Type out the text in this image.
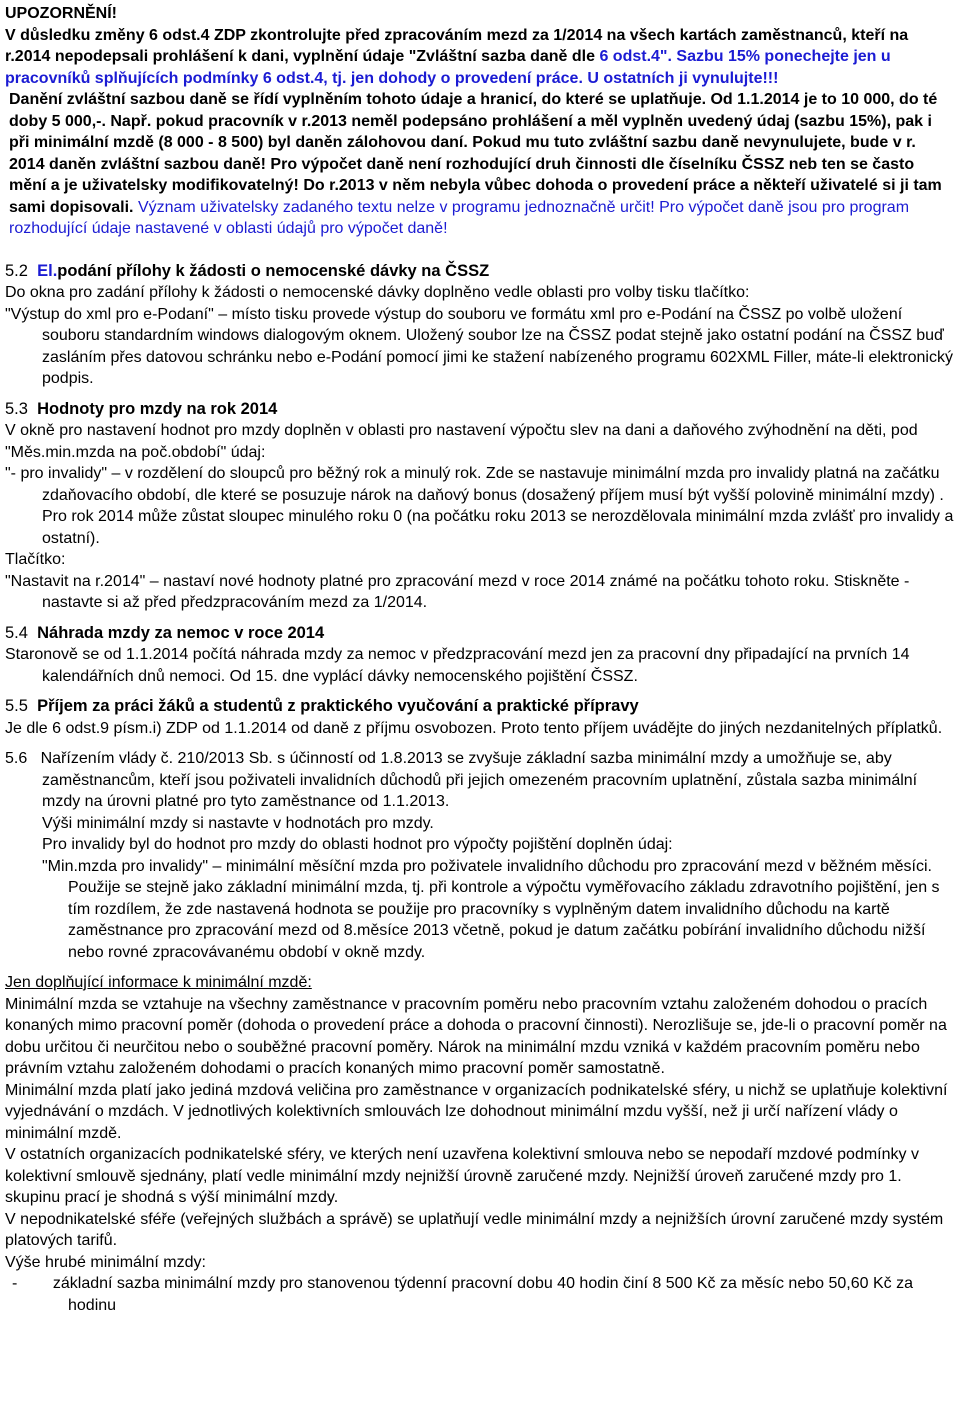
UPOZORNĚNÍ!

V důsledku změny 6 odst.4 ZDP zkontrolujte před zpracováním mezd za 1/2014 na všech kartách zaměstnanců, kteří na r.2014 nepodepsali prohlášení k dani, vyplnění údaje "Zvláštní sazba daně dle 6 odst.4". Sazbu 15% ponechejte jen u pracovníků splňujících podmínky 6 odst.4, tj. jen dohody o provedení práce. U ostatních ji vynulujte!!!

Danění zvláštní sazbou daně se řídí vyplněním tohoto údaje a hranicí, do které se uplatňuje. Od 1.1.2014 je to 10 000, do té doby 5 000,-. Např. pokud pracovník v r.2013 neměl podepsáno prohlášení a měl vyplněn uvedený údaj (sazbu 15%), pak i při minimální mzdě (8 000 - 8 500) byl daněn zálohovou daní. Pokud mu tuto zvláštní sazbu daně nevynulujete, bude v r. 2014 daněn zvláštní sazbou daně! Pro výpočet daně není rozhodující druh činnosti dle číselníku ČSSZ neb ten se často mění a je uživatelsky modifikovatelný! Do r.2013 v něm nebyla vůbec dohoda o provedení práce a někteří uživatelé si ji tam sami dopisovali. Význam uživatelsky zadaného textu nelze v programu jednoznačně určit! Pro výpočet daně jsou pro program rozhodující údaje nastavené v oblasti údajů pro výpočet daně!

5.2 El.podání přílohy k žádosti o nemocenské dávky na ČSSZ

Do okna pro zadání přílohy k žádosti o nemocenské dávky doplněno vedle oblasti pro volby tisku tlačítko:

"Výstup do xml pro e-Podaní" – místo tisku provede výstup do souboru ve formátu xml pro e-Podání na ČSSZ po volbě uložení souboru standardním windows dialogovým oknem. Uložený soubor lze na ČSSZ podat stejně jako ostatní podání na ČSSZ buď zasláním přes datovou schránku nebo e-Podání pomocí jimi ke stažení nabízeného programu 602XML Filler, máte-li elektronický podpis.

5.3 Hodnoty pro mzdy na rok 2014

V okně pro nastavení hodnot pro mzdy doplněn v oblasti pro nastavení výpočtu slev na dani a daňového zvýhodnění na děti, pod "Měs.min.mzda na poč.období" údaj:

"- pro invalidy" – v rozdělení do sloupců pro běžný rok a minulý rok. Zde se nastavuje minimální mzda pro invalidy platná na začátku zdaňovacího období, dle které se posuzuje nárok na daňový bonus (dosažený příjem musí být vyšší polovině minimální mzdy) . Pro rok 2014 může zůstat sloupec minulého roku 0 (na počátku roku 2013 se nerozdělovala minimální mzda zvlášť pro invalidy a ostatní).

Tlačítko:

"Nastavit na r.2014" – nastaví nové hodnoty platné pro zpracování mezd v roce 2014 známé na počátku tohoto roku. Stiskněte - nastavte si až před předzpracováním mezd za 1/2014.

5.4 Náhrada mzdy za nemoc v roce 2014

Staronově se od 1.1.2014 počítá náhrada mzdy za nemoc v předzpracování mezd jen za pracovní dny připadající na prvních 14 kalendářních dnů nemoci. Od 15. dne vyplácí dávky nemocenského pojištění ČSSZ.

5.5 Příjem za práci žáků a studentů z praktického vyučování a praktické přípravy

Je dle 6 odst.9 písm.i) ZDP od 1.1.2014 od daně z příjmu osvobozen. Proto tento příjem uvádějte do jiných nezdanitelných příplatků.

5.6 Nařízením vlády č. 210/2013 Sb. s účinností od 1.8.2013 se zvyšuje základní sazba minimální mzdy a umožňuje se, aby zaměstnancům, kteří jsou poživateli invalidních důchodů při jejich omezeném pracovním uplatnění, zůstala sazba minimální mzdy na úrovni platné pro tyto zaměstnance od 1.1.2013.

Výši minimální mzdy si nastavte v hodnotách pro mzdy.

Pro invalidy byl do hodnot pro mzdy do oblasti hodnot pro výpočty pojištění doplněn údaj:

"Min.mzda pro invalidy" – minimální měsíční mzda pro poživatele invalidního důchodu pro zpracování mezd v běžném měsíci. Použije se stejně jako základní minimální mzda, tj. při kontrole a výpočtu vyměřovacího základu zdravotního pojištění, jen s tím rozdílem, že zde nastavená hodnota se použije pro pracovníky s vyplněným datem invalidního důchodu na kartě zaměstnance pro zpracování mezd od 8.měsíce 2013 včetně, pokud je datum začátku pobírání invalidního důchodu nižší nebo rovné zpracovávanému období v okně mzdy.

Jen doplňující informace k minimální mzdě:

Minimální mzda se vztahuje na všechny zaměstnance v pracovním poměru nebo pracovním vztahu založeném dohodou o pracích konaných mimo pracovní poměr (dohoda o provedení práce a dohoda o pracovní činnosti). Nerozlišuje se, jde-li o pracovní poměr na dobu určitou či neurčitou nebo o souběžné pracovní poměry. Nárok na minimální mzdu vzniká v každém pracovním poměru nebo právním vztahu založeném dohodami o pracích konaných mimo pracovní poměr samostatně.

Minimální mzda platí jako jediná mzdová veličina pro zaměstnance v organizacích podnikatelské sféry, u nichž se uplatňuje kolektivní vyjednávání o mzdách. V jednotlivých kolektivních smlouvách lze dohodnout minimální mzdu vyšší, než ji určí nařízení vlády o minimální mzdě.

V ostatních organizacích podnikatelské sféry, ve kterých není uzavřena kolektivní smlouva nebo se nepodaří mzdové podmínky v kolektivní smlouvě sjednány, platí vedle minimální mzdy nejnižší úrovně zaručené mzdy. Nejnižší úroveň zaručené mzdy pro 1. skupinu prací je shodná s výší minimální mzdy.

V nepodnikatelské sféře (veřejných službách a správě) se uplatňují vedle minimální mzdy a nejnižších úrovní zaručené mzdy systém platových tarifů.

Výše hrubé minimální mzdy:

- základní sazba minimální mzdy pro stanovenou týdenní pracovní dobu 40 hodin činí 8 500 Kč za měsíc nebo 50,60 Kč za hodinu
